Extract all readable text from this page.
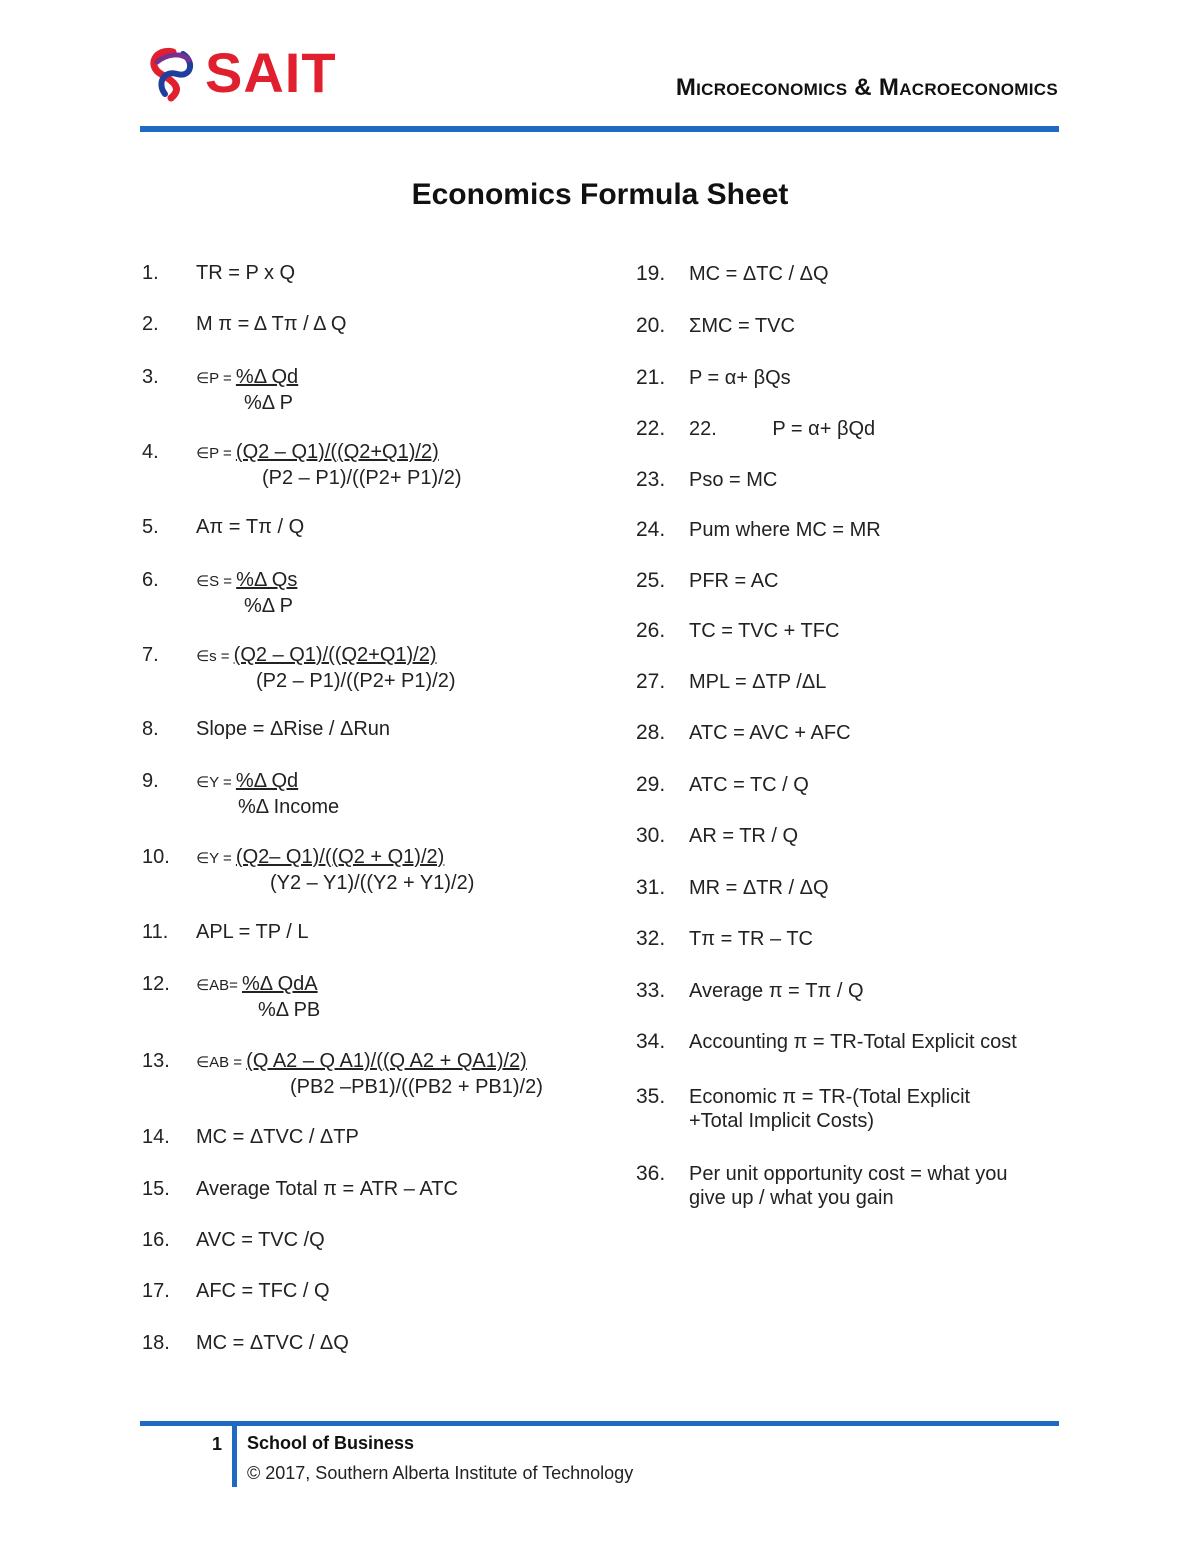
SAIT	Microeconomics & Macroeconomics
Economics Formula Sheet
1. TR = P x Q
2. M π = Δ Tπ / Δ Q
3. ∈P = %Δ Qd
%Δ P
4. ∈P = (Q2 – Q1)/((Q2+Q1)/2)
(P2 – P1)/((P2+ P1)/2)
5. Aπ = Tπ / Q
6. ∈S = %Δ Qs
%Δ P
7. ∈s = (Q2 – Q1)/((Q2+Q1)/2)
(P2 – P1)/((P2+ P1)/2)
8. Slope = ΔRise / ΔRun
9. ∈Y = %Δ Qd
%Δ Income
10. ∈Y = (Q2– Q1)/((Q2 + Q1)/2)
(Y2 – Y1)/((Y2 + Y1)/2)
11. APL = TP / L
12. ∈AB= %Δ QdA
%Δ PB
13. ∈AB = (Q A2 – Q A1)/((Q A2 + QA1)/2)
(PB2 –PB1)/((PB2 + PB1)/2)
14. MC = ΔTVC / ΔTP
15. Average Total π = ATR – ATC
16. AVC = TVC /Q
17. AFC = TFC / Q
18. MC = ΔTVC / ΔQ
19. MC = ΔTC / ΔQ
20. ΣMC = TVC
21. P = α+ βQs
22. 22.          P = α+ βQd
23. Pso = MC
24. Pum where MC = MR
25. PFR = AC
26. TC = TVC + TFC
27. MPL = ΔTP /ΔL
28. ATC = AVC + AFC
29. ATC = TC / Q
30. AR = TR / Q
31. MR = ΔTR / ΔQ
32. Tπ = TR – TC
33. Average π = Tπ / Q
34. Accounting π = TR-Total Explicit cost
35. Economic π = TR-(Total Explicit
+Total Implicit Costs)
36. Per unit opportunity cost = what you
give up / what you gain
1 School of Business
© 2017, Southern Alberta Institute of Technology
